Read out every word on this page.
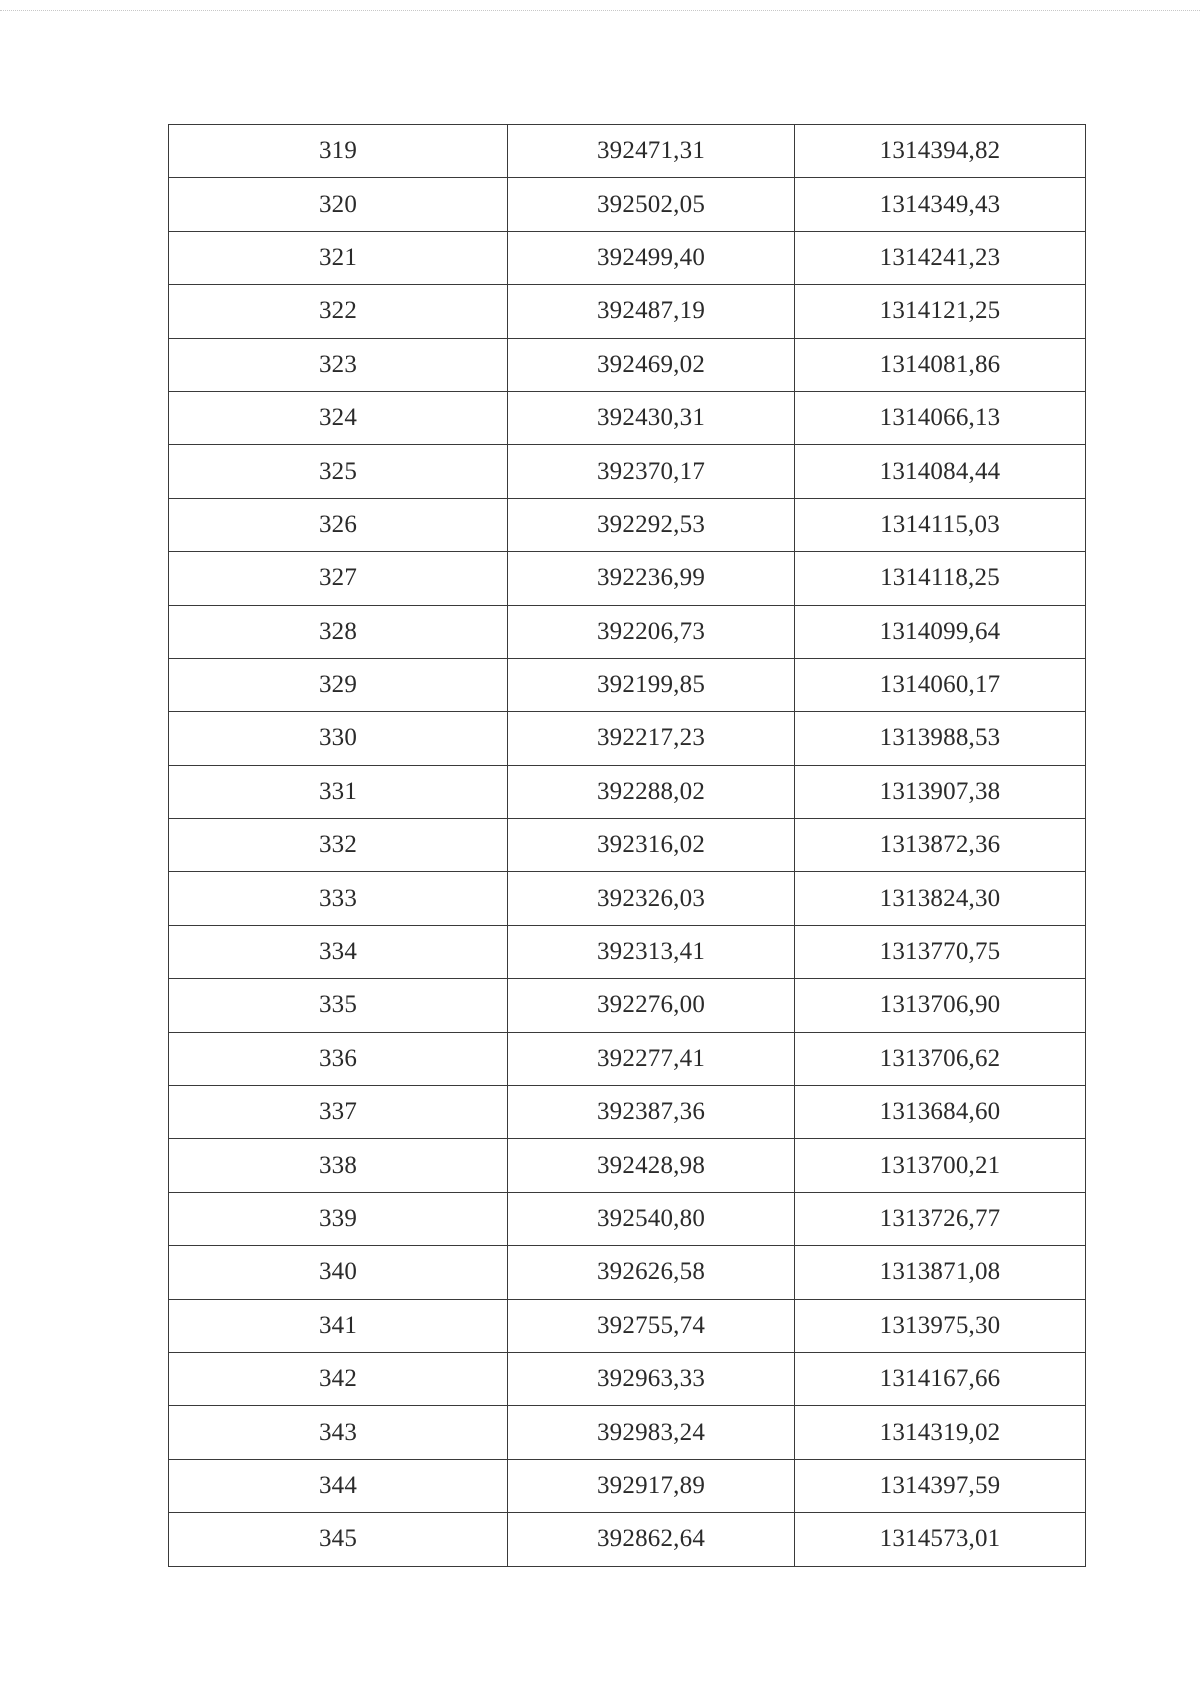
319	392471,31	1314394,82
320	392502,05	1314349,43
321	392499,40	1314241,23
322	392487,19	1314121,25
323	392469,02	1314081,86
324	392430,31	1314066,13
325	392370,17	1314084,44
326	392292,53	1314115,03
327	392236,99	1314118,25
328	392206,73	1314099,64
329	392199,85	1314060,17
330	392217,23	1313988,53
331	392288,02	1313907,38
332	392316,02	1313872,36
333	392326,03	1313824,30
334	392313,41	1313770,75
335	392276,00	1313706,90
336	392277,41	1313706,62
337	392387,36	1313684,60
338	392428,98	1313700,21
339	392540,80	1313726,77
340	392626,58	1313871,08
341	392755,74	1313975,30
342	392963,33	1314167,66
343	392983,24	1314319,02
344	392917,89	1314397,59
345	392862,64	1314573,01
